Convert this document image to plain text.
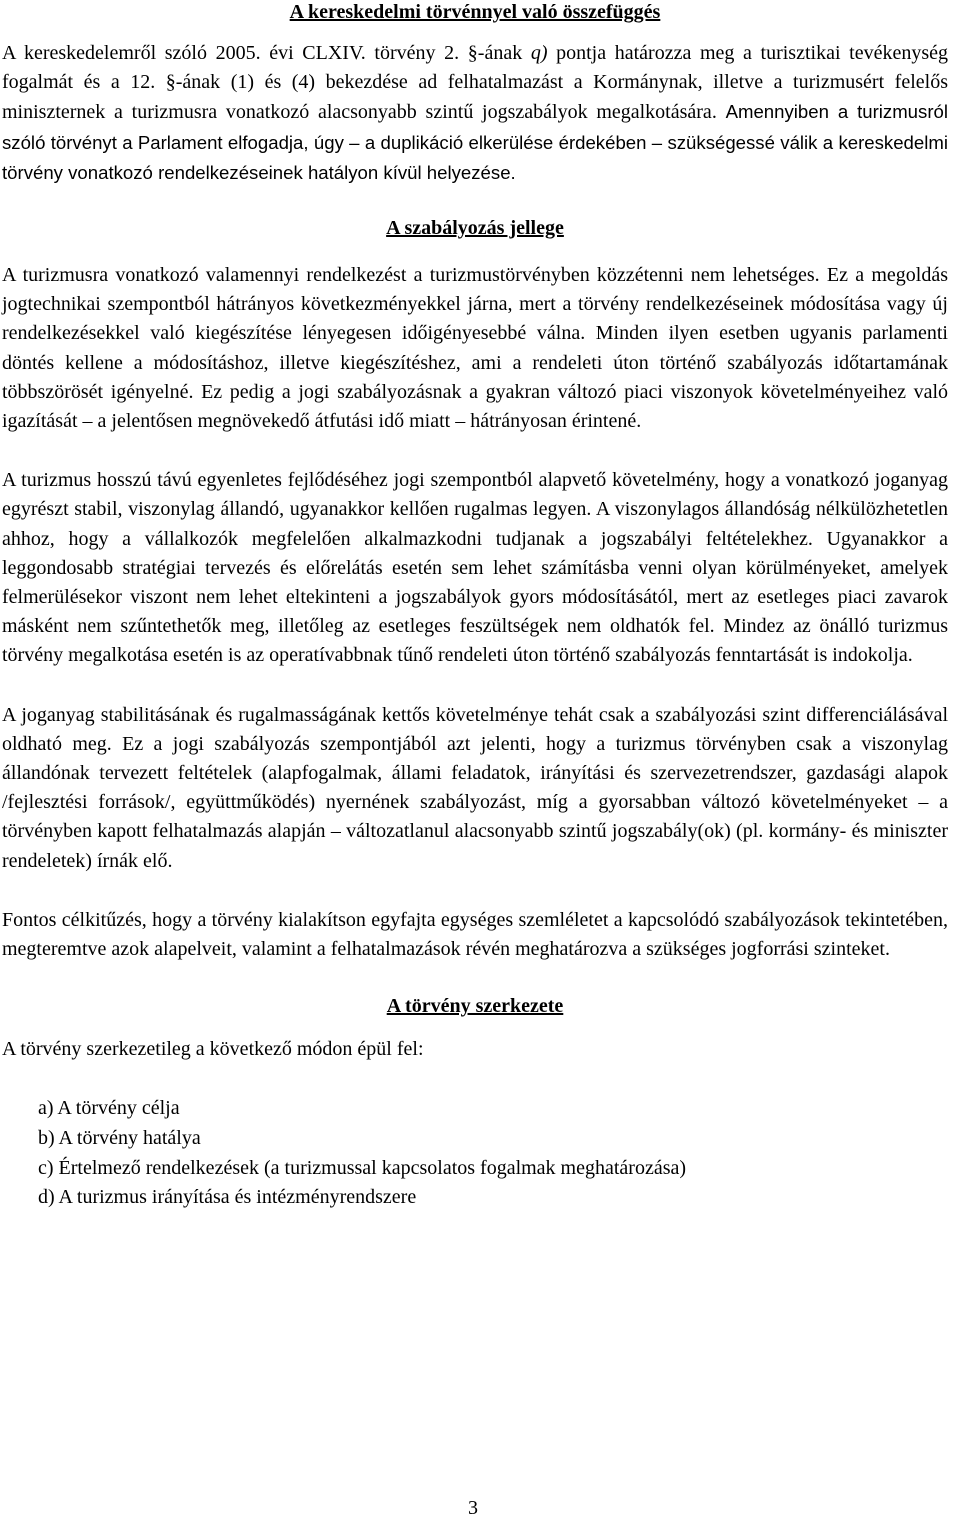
A kereskedelmi törvénnyel való összefüggés

A kereskedelemről szóló 2005. évi CLXIV. törvény 2. §-ának q) pontja határozza meg a turisztikai tevékenység fogalmát és a 12. §-ának (1) és (4) bekezdése ad felhatalmazást a Kormánynak, illetve a turizmusért felelős miniszternek a turizmusra vonatkozó alacsonyabb szintű jogszabályok megalkotására. Amennyiben a turizmusról szóló törvényt a Parlament elfogadja, úgy – a duplikáció elkerülése érdekében – szükségessé válik a kereskedelmi törvény vonatkozó rendelkezéseinek hatályon kívül helyezése.

A szabályozás jellege

A turizmusra vonatkozó valamennyi rendelkezést a turizmustörvényben közzétenni nem lehetséges. Ez a megoldás jogtechnikai szempontból hátrányos következményekkel járna, mert a törvény rendelkezéseinek módosítása vagy új rendelkezésekkel való kiegészítése lényegesen időigényesebbé válna. Minden ilyen esetben ugyanis parlamenti döntés kellene a módosításhoz, illetve kiegészítéshez, ami a rendeleti úton történő szabályozás időtartamának többszörösét igényelné. Ez pedig a jogi szabályozásnak a gyakran változó piaci viszonyok követelményeihez való igazítását – a jelentősen megnövekedő átfutási idő miatt – hátrányosan érintené.

A turizmus hosszú távú egyenletes fejlődéséhez jogi szempontból alapvető követelmény, hogy a vonatkozó joganyag egyrészt stabil, viszonylag állandó, ugyanakkor kellően rugalmas legyen. A viszonylagos állandóság nélkülözhetetlen ahhoz, hogy a vállalkozók megfelelően alkalmazkodni tudjanak a jogszabályi feltételekhez. Ugyanakkor a leggondosabb stratégiai tervezés és előrelátás esetén sem lehet számításba venni olyan körülményeket, amelyek felmerülésekor viszont nem lehet eltekinteni a jogszabályok gyors módosításától, mert az esetleges piaci zavarok másként nem szűntethetők meg, illetőleg az esetleges feszültségek nem oldhatók fel. Mindez az önálló turizmus törvény megalkotása esetén is az operatívabbnak tűnő rendeleti úton történő szabályozás fenntartását is indokolja.

A joganyag stabilitásának és rugalmasságának kettős követelménye tehát csak a szabályozási szint differenciálásával oldható meg. Ez a jogi szabályozás szempontjából azt jelenti, hogy a turizmus törvényben csak a viszonylag állandónak tervezett feltételek (alapfogalmak, állami feladatok, irányítási és szervezetrendszer, gazdasági alapok /fejlesztési források/, együttműködés) nyernének szabályozást, míg a gyorsabban változó követelményeket – a törvényben kapott felhatalmazás alapján – változatlanul alacsonyabb szintű jogszabály(ok) (pl. kormány- és miniszter rendeletek) írnák elő.

Fontos célkitűzés, hogy a törvény kialakítson egyfajta egységes szemléletet a kapcsolódó szabályozások tekintetében, megteremtve azok alapelveit, valamint a felhatalmazások révén meghatározva a szükséges jogforrási szinteket.

A törvény szerkezete

A törvény szerkezetileg a következő módon épül fel:

a) A törvény célja
b) A törvény hatálya
c) Értelmező rendelkezések (a turizmussal kapcsolatos fogalmak meghatározása)
d) A turizmus irányítása és intézményrendszere
3
